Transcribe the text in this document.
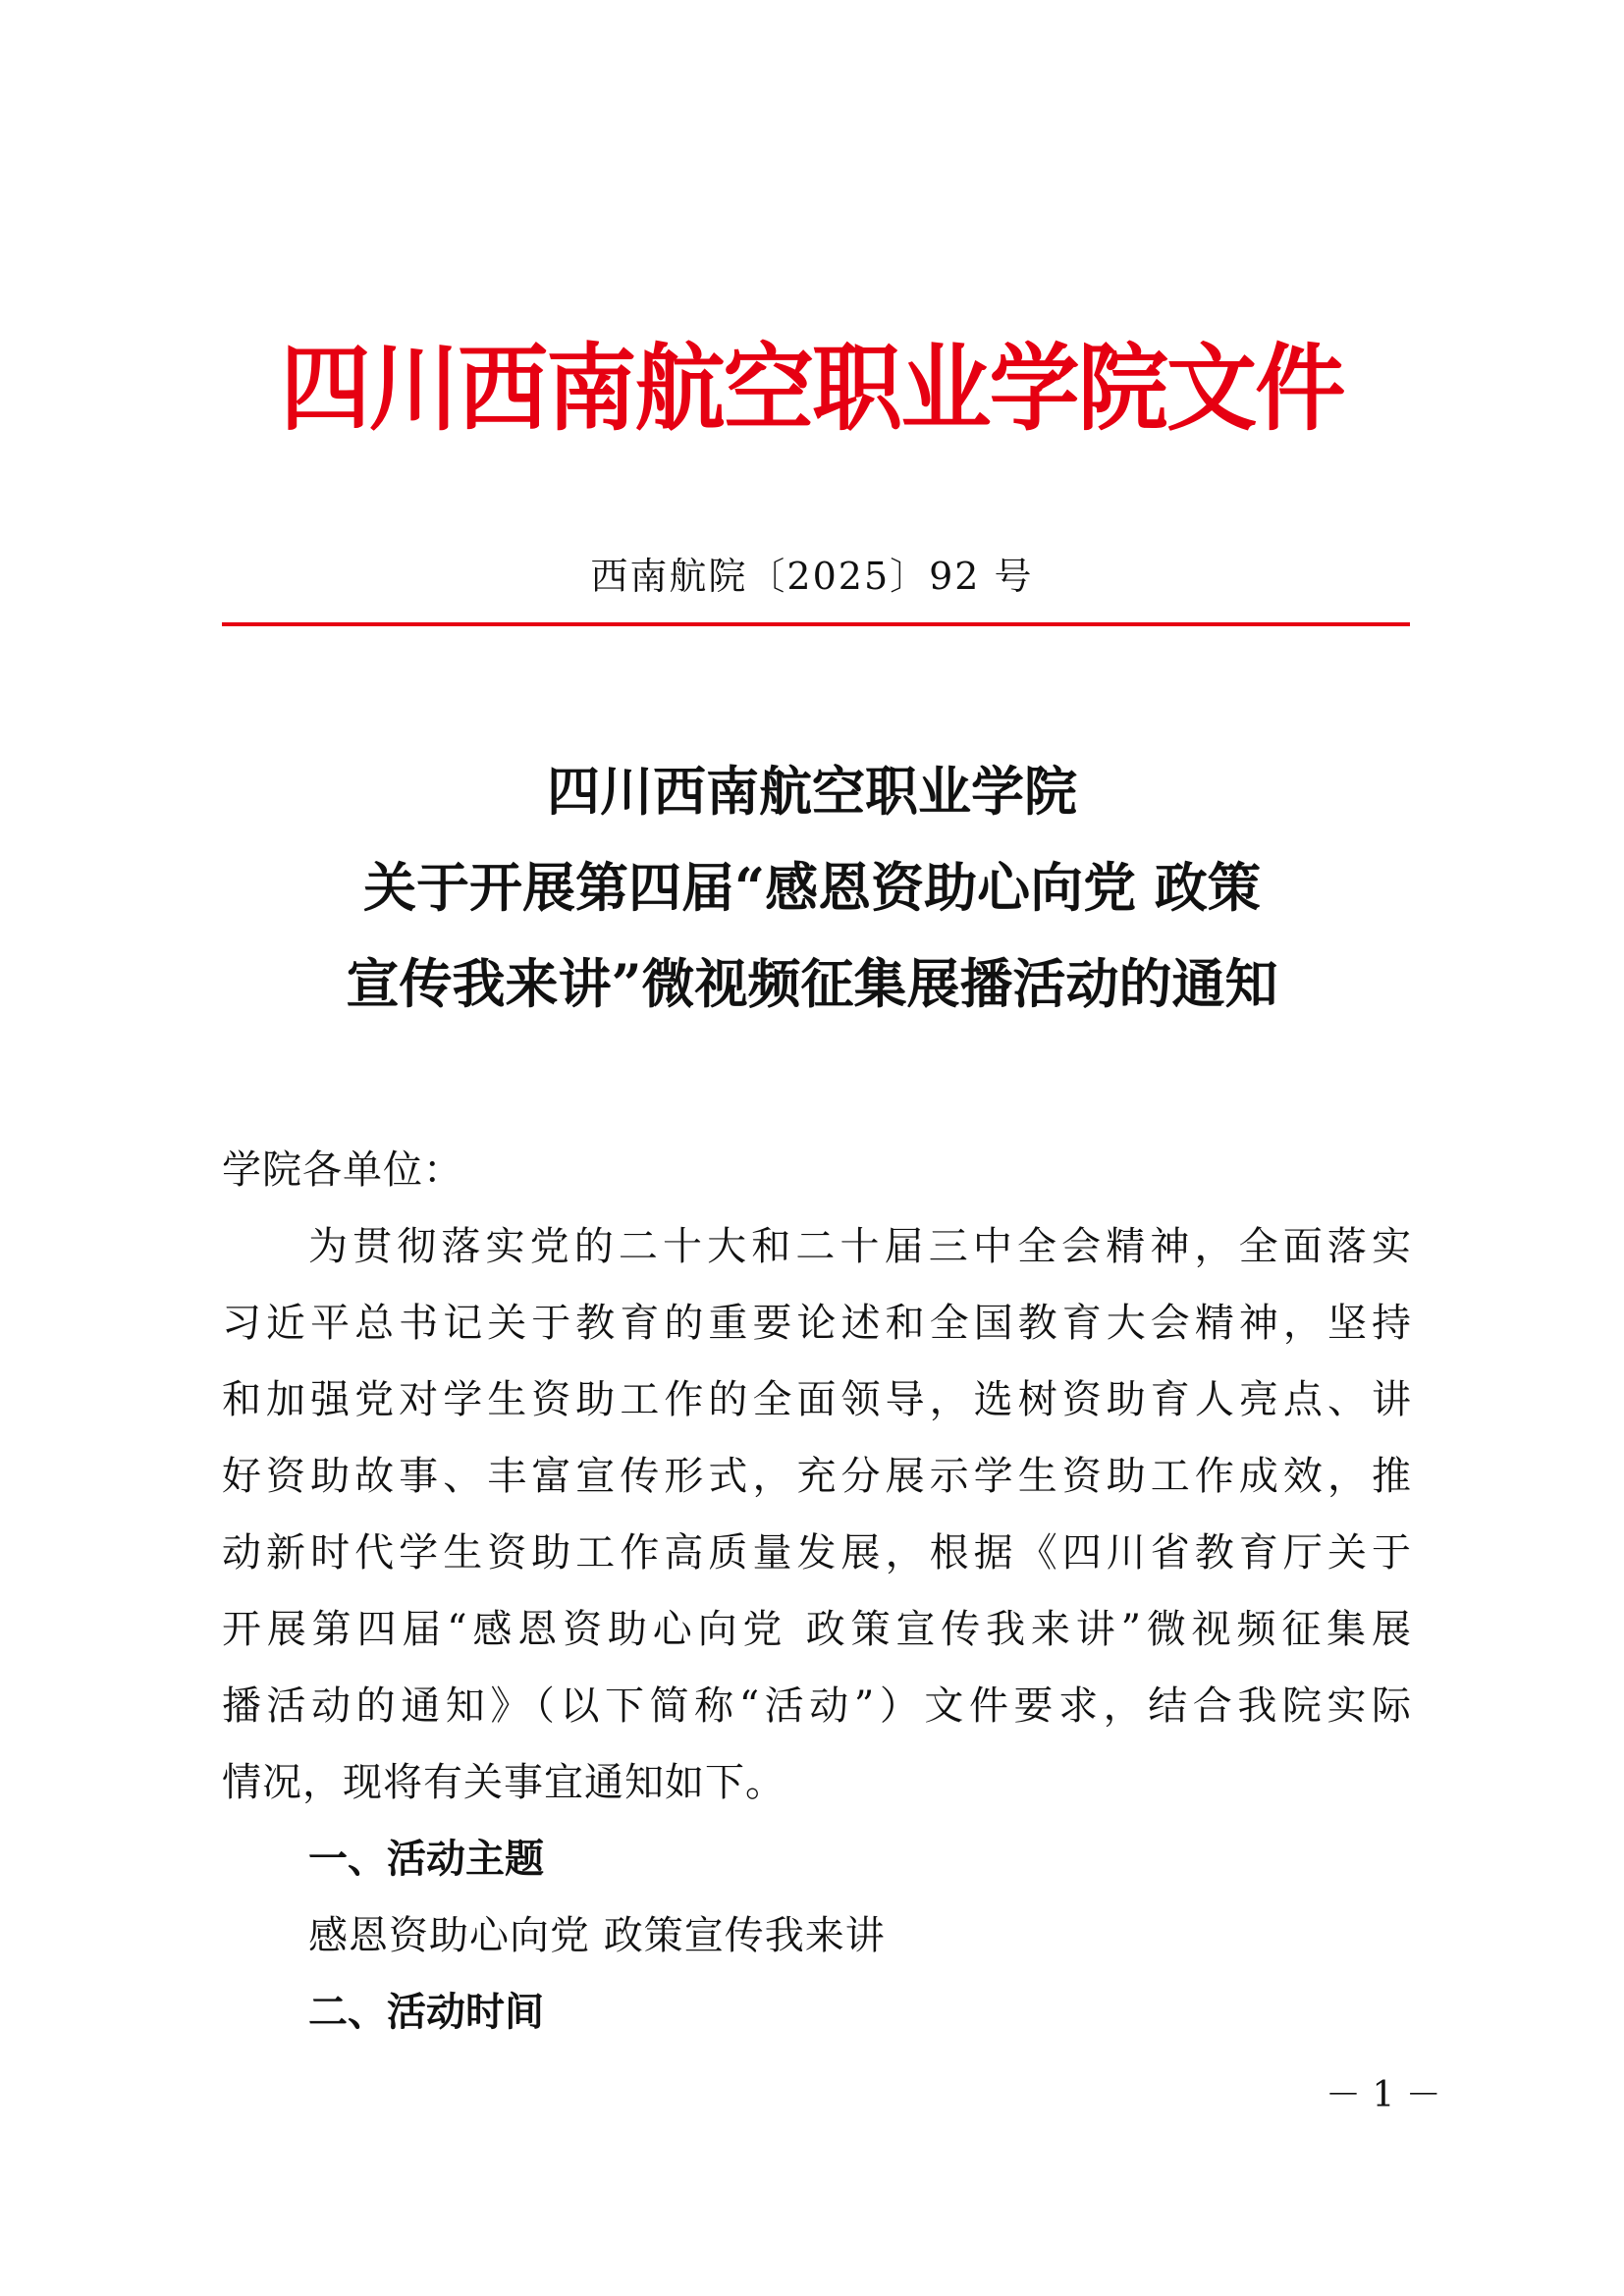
四川西南航空职业学院文件
西南航院〔2025〕92 号
四川西南航空职业学院
关于开展第四届“感恩资助心向党 政策
宣传我来讲”微视频征集展播活动的通知
学院各单位：
为贯彻落实党的二十大和二十届三中全会精神，全面落实
习近平总书记关于教育的重要论述和全国教育大会精神，坚持
和加强党对学生资助工作的全面领导，选树资助育人亮点、讲
好资助故事、丰富宣传形式，充分展示学生资助工作成效，推
动新时代学生资助工作高质量发展，根据《四川省教育厅关于
开展第四届“感恩资助心向党 政策宣传我来讲”微视频征集展
播活动的通知》（以下简称“活动”）文件要求，结合我院实际
情况，现将有关事宜通知如下。
一、活动主题
感恩资助心向党 政策宣传我来讲
二、活动时间
－ 1 －
